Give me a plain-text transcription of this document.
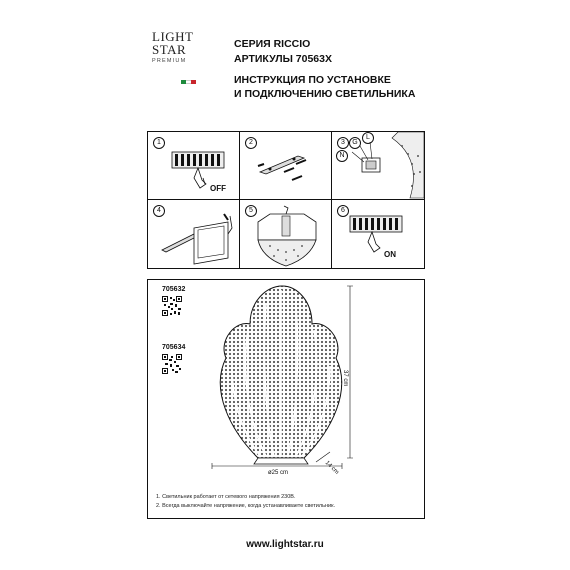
LIGHT
STAR
PREMIUM
СЕРИЯ RICCIO
АРТИКУЛЫ 70563X
ИНСТРУКЦИЯ ПО УСТАНОВКЕ
И ПОДКЛЮЧЕНИЮ СВЕТИЛЬНИКА
1
OFF
2	3	G
L
N
4	5	6
ON
705632
705634
ø25 cm
37 cm
14 cm
1. Светильник работает от сетевого напряжения 230В.
2. Всегда выключайте напряжение, когда устанавливаете светильник.
www.lightstar.ru
